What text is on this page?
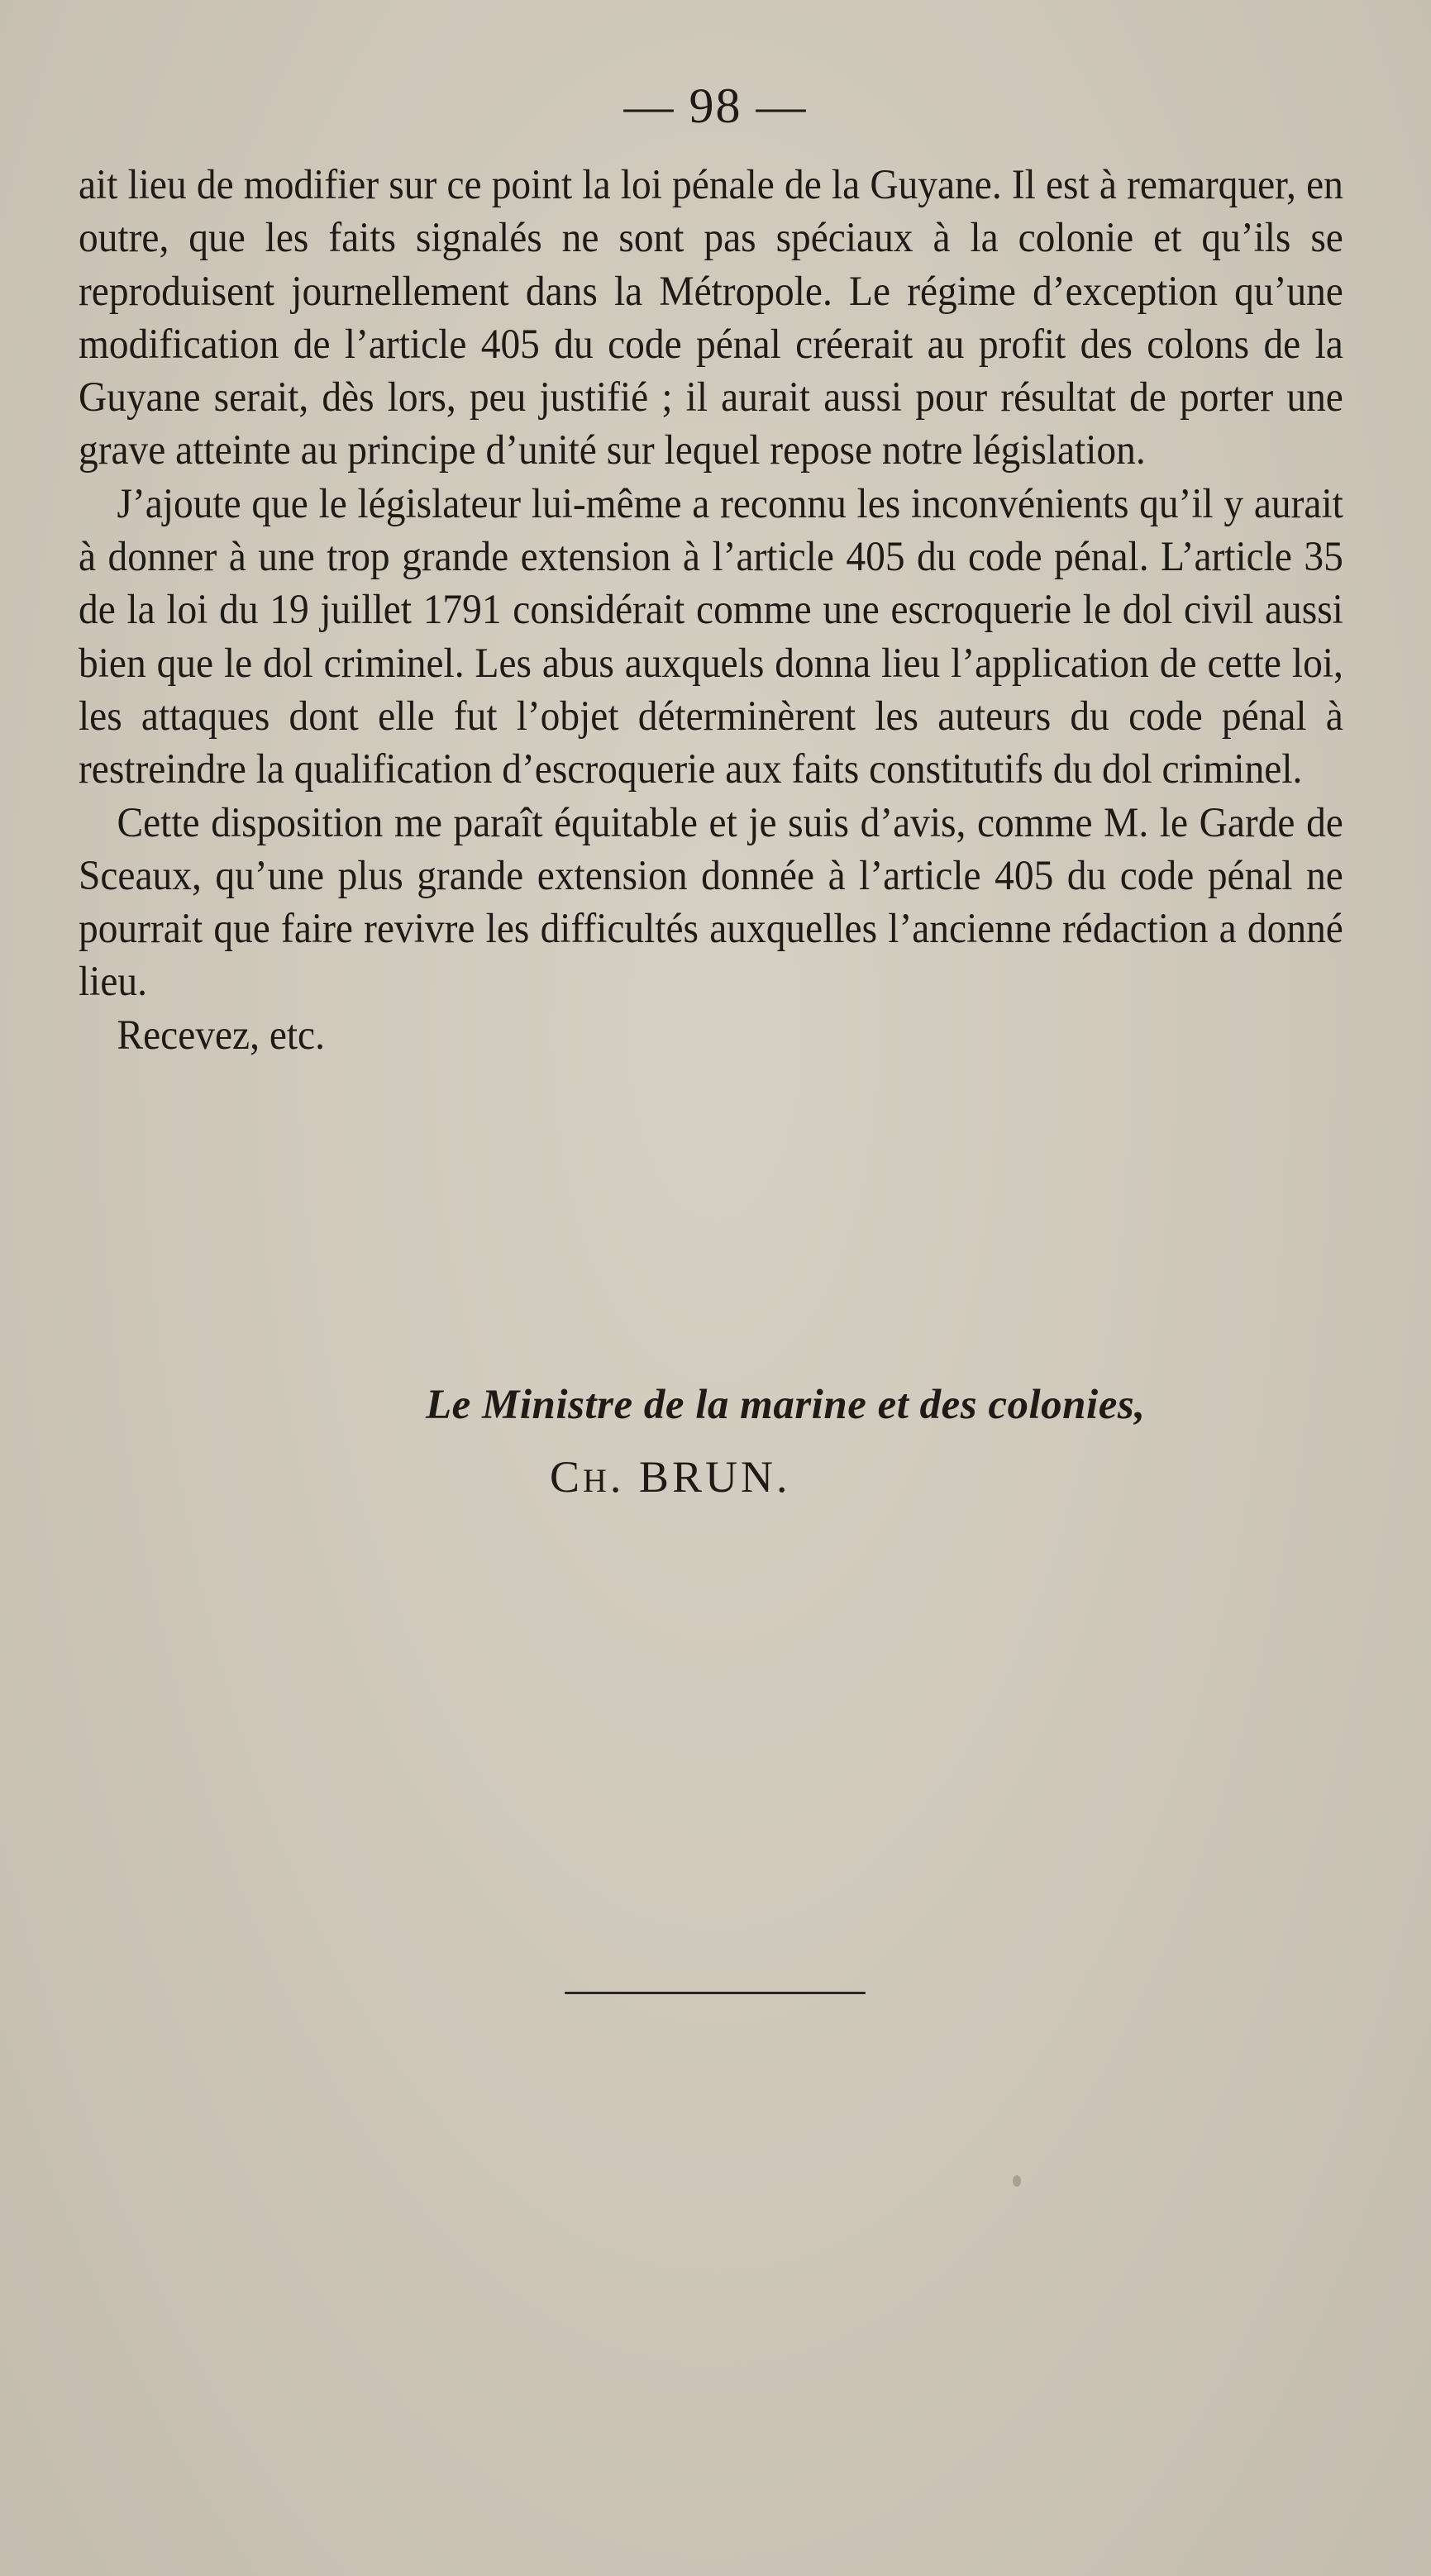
— 98 —

ait lieu de modifier sur ce point la loi pénale de la Guyane. Il est à remarquer, en outre, que les faits signalés ne sont pas spéciaux à la colonie et qu’ils se reproduisent journellement dans la Métropole. Le régime d’exception qu’une modification de l’article 405 du code pénal créerait au profit des colons de la Guyane serait, dès lors, peu justifié ; il aurait aussi pour résultat de porter une grave atteinte au principe d’unité sur lequel repose notre législation.

J’ajoute que le législateur lui-même a reconnu les inconvénients qu’il y aurait à donner à une trop grande extension à l’article 405 du code pénal. L’article 35 de la loi du 19 juillet 1791 considérait comme une escroquerie le dol civil aussi bien que le dol criminel. Les abus auxquels donna lieu l’application de cette loi, les attaques dont elle fut l’objet déterminèrent les auteurs du code pénal à restreindre la qualification d’escroquerie aux faits constitutifs du dol criminel.

Cette disposition me paraît équitable et je suis d’avis, comme M. le Garde de Sceaux, qu’une plus grande extension donnée à l’article 405 du code pénal ne pourrait que faire revivre les difficultés auxquelles l’ancienne rédaction a donné lieu.

Recevez, etc.

Le Ministre de la marine et des colonies,
CH. BRUN.
